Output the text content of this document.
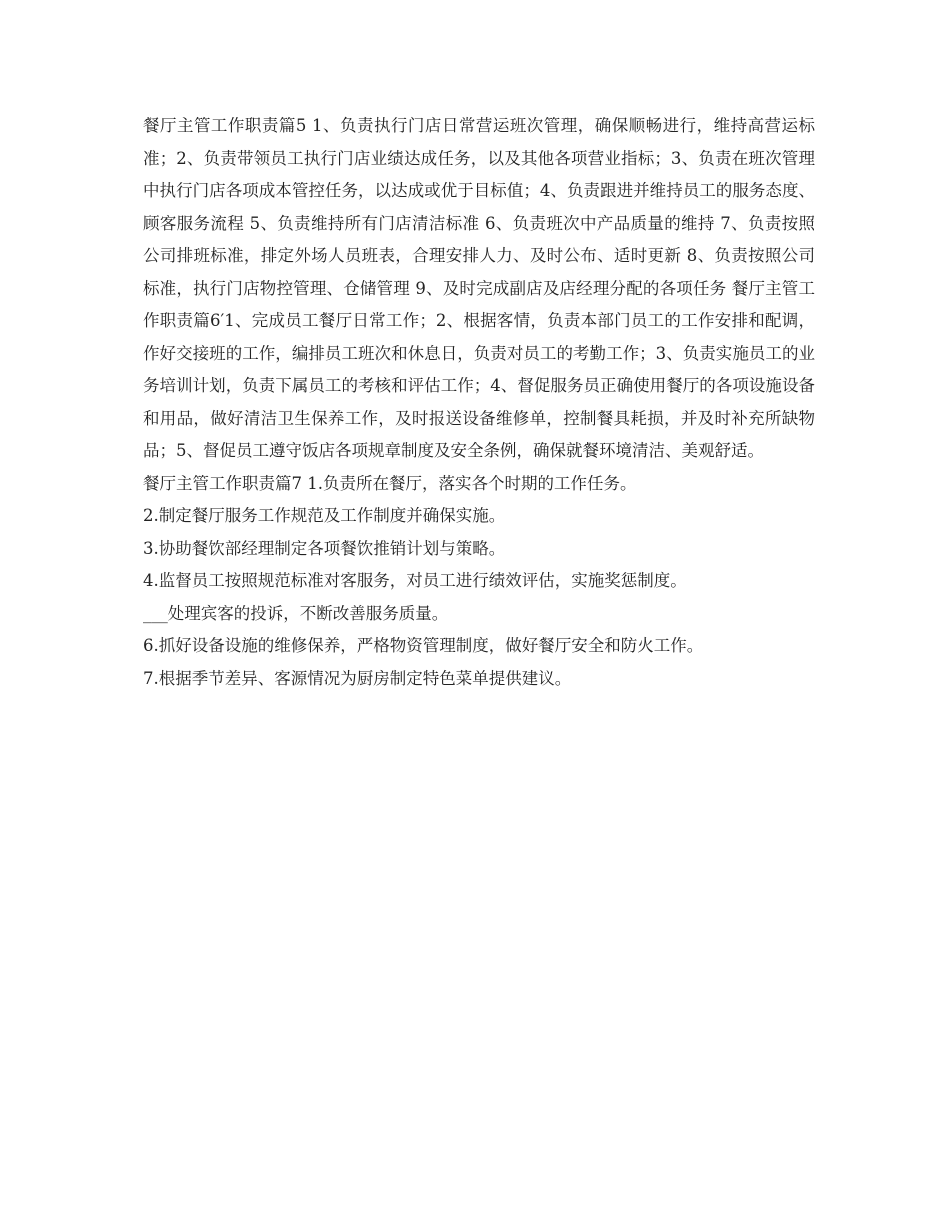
餐厅主管工作职责篇5 1、负责执行门店日常营运班次管理，确保顺畅进行，维持高营运标准；2、负责带领员工执行门店业绩达成任务，以及其他各项营业指标；3、负责在班次管理中执行门店各项成本管控任务，以达成或优于目标值；4、负责跟进并维持员工的服务态度、顾客服务流程 5、负责维持所有门店清洁标准 6、负责班次中产品质量的维持 7、负责按照公司排班标准，排定外场人员班表，合理安排人力、及时公布、适时更新 8、负责按照公司标准，执行门店物控管理、仓储管理 9、及时完成副店及店经理分配的各项任务 餐厅主管工作职责篇6′1、完成员工餐厅日常工作；2、根据客情，负责本部门员工的工作安排和配调，作好交接班的工作，编排员工班次和休息日，负责对员工的考勤工作；3、负责实施员工的业务培训计划，负责下属员工的考核和评估工作；4、督促服务员正确使用餐厅的各项设施设备和用品，做好清洁卫生保养工作，及时报送设备维修单，控制餐具耗损，并及时补充所缺物品；5、督促员工遵守饭店各项规章制度及安全条例，确保就餐环境清洁、美观舒适。

餐厅主管工作职责篇7 1.负责所在餐厅，落实各个时期的工作任务。

2.制定餐厅服务工作规范及工作制度并确保实施。

3.协助餐饮部经理制定各项餐饮推销计划与策略。

4.监督员工按照规范标准对客服务，对员工进行绩效评估，实施奖惩制度。

___处理宾客的投诉，不断改善服务质量。

6.抓好设备设施的维修保养，严格物资管理制度，做好餐厅安全和防火工作。

7.根据季节差异、客源情况为厨房制定特色菜单提供建议。
